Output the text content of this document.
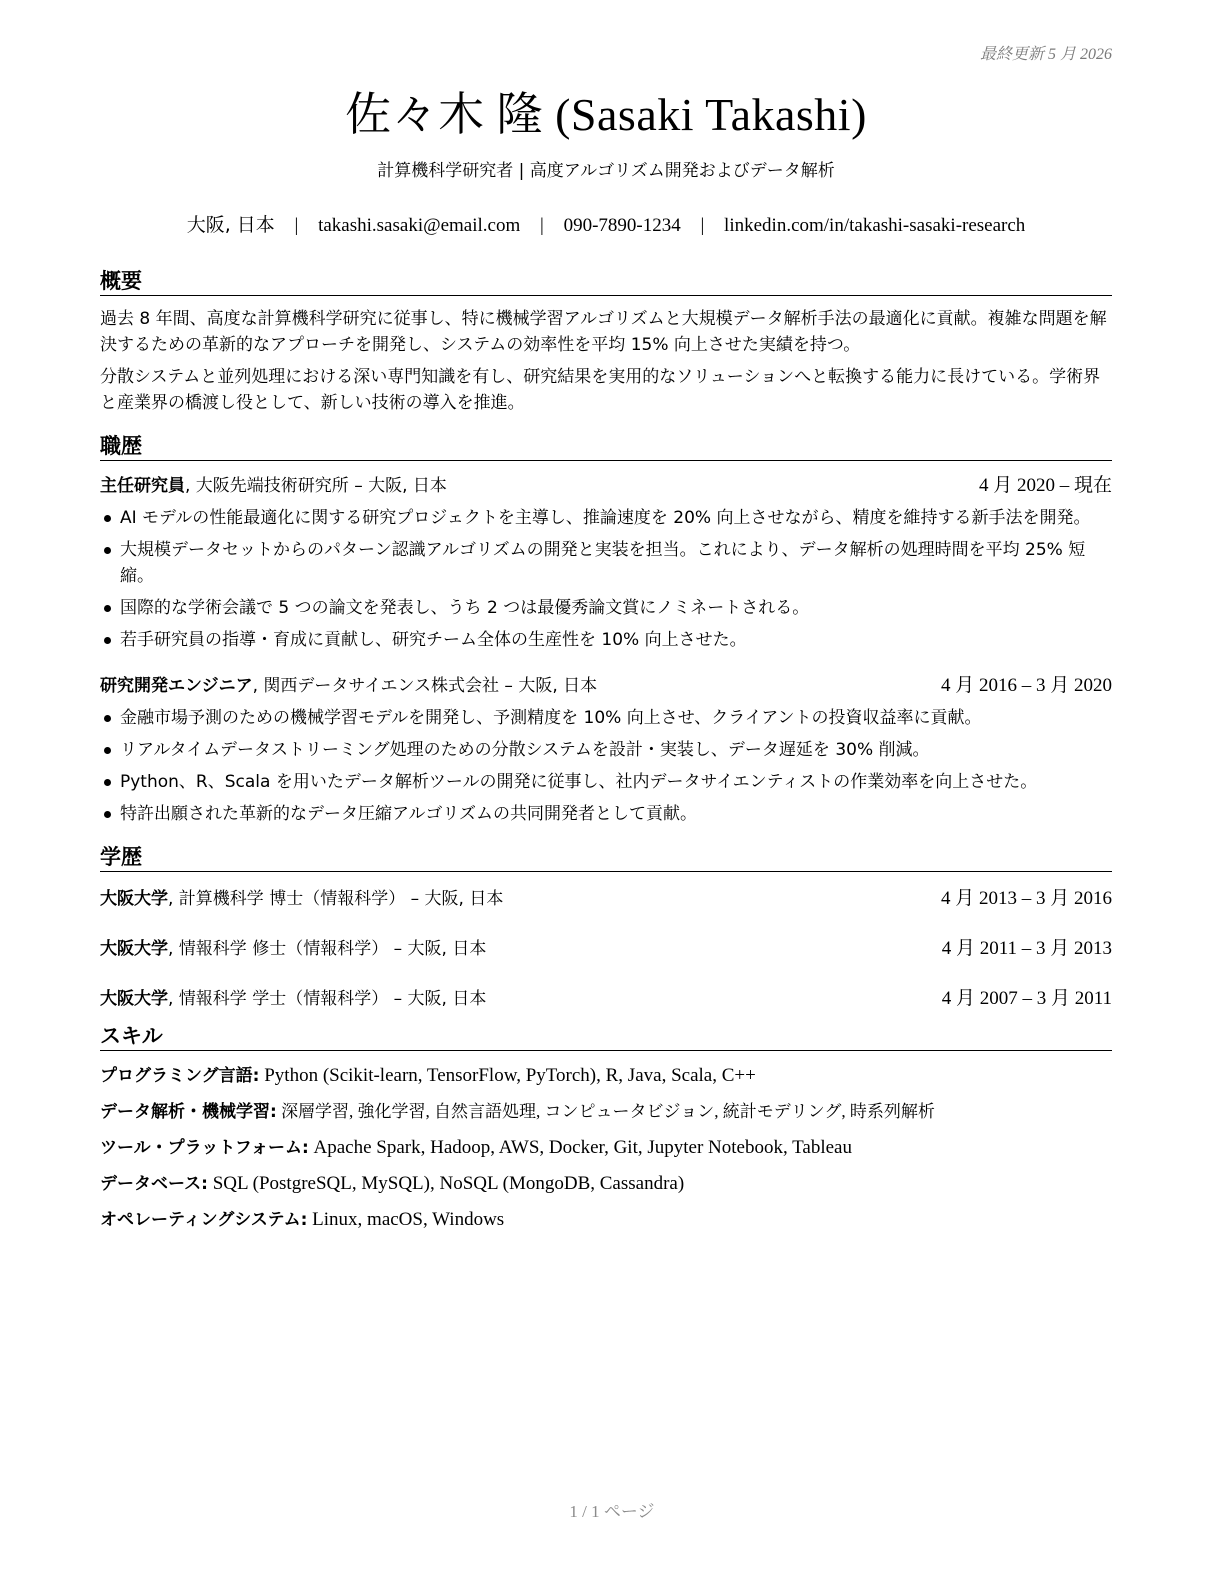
最終更新 5 月 2026
佐々木 隆 (Sasaki Takashi)
計算機科学研究者 | 高度アルゴリズム開発およびデータ解析
大阪, 日本 | takashi.sasaki@email.com | 090-7890-1234 | linkedin.com/in/takashi-sasaki-research
概要
過去 8 年間、高度な計算機科学研究に従事し、特に機械学習アルゴリズムと大規模データ解析手法の最適化に貢献。複雑な問題を解決するための革新的なアプローチを開発し、システムの効率性を平均 15% 向上させた実績を持つ。
分散システムと並列処理における深い専門知識を有し、研究結果を実用的なソリューションへと転換する能力に長けている。学術界と産業界の橋渡し役として、新しい技術の導入を推進。
職歴
主任研究員, 大阪先端技術研究所 – 大阪, 日本	4 月 2020 – 現在
AI モデルの性能最適化に関する研究プロジェクトを主導し、推論速度を 20% 向上させながら、精度を維持する新手法を開発。
大規模データセットからのパターン認識アルゴリズムの開発と実装を担当。これにより、データ解析の処理時間を平均 25% 短縮。
国際的な学術会議で 5 つの論文を発表し、うち 2 つは最優秀論文賞にノミネートされる。
若手研究員の指導・育成に貢献し、研究チーム全体の生産性を 10% 向上させた。
研究開発エンジニア, 関西データサイエンス株式会社 – 大阪, 日本	4 月 2016 – 3 月 2020
金融市場予測のための機械学習モデルを開発し、予測精度を 10% 向上させ、クライアントの投資収益率に貢献。
リアルタイムデータストリーミング処理のための分散システムを設計・実装し、データ遅延を 30% 削減。
Python、R、Scala を用いたデータ解析ツールの開発に従事し、社内データサイエンティストの作業効率を向上させた。
特許出願された革新的なデータ圧縮アルゴリズムの共同開発者として貢献。
学歴
大阪大学, 計算機科学 博士（情報科学） – 大阪, 日本	4 月 2013 – 3 月 2016
大阪大学, 情報科学 修士（情報科学） – 大阪, 日本	4 月 2011 – 3 月 2013
大阪大学, 情報科学 学士（情報科学） – 大阪, 日本	4 月 2007 – 3 月 2011
スキル
プログラミング言語: Python (Scikit-learn, TensorFlow, PyTorch), R, Java, Scala, C++
データ解析・機械学習: 深層学習, 強化学習, 自然言語処理, コンピュータビジョン, 統計モデリング, 時系列解析
ツール・プラットフォーム: Apache Spark, Hadoop, AWS, Docker, Git, Jupyter Notebook, Tableau
データベース: SQL (PostgreSQL, MySQL), NoSQL (MongoDB, Cassandra)
オペレーティングシステム: Linux, macOS, Windows
1 / 1 ページ
